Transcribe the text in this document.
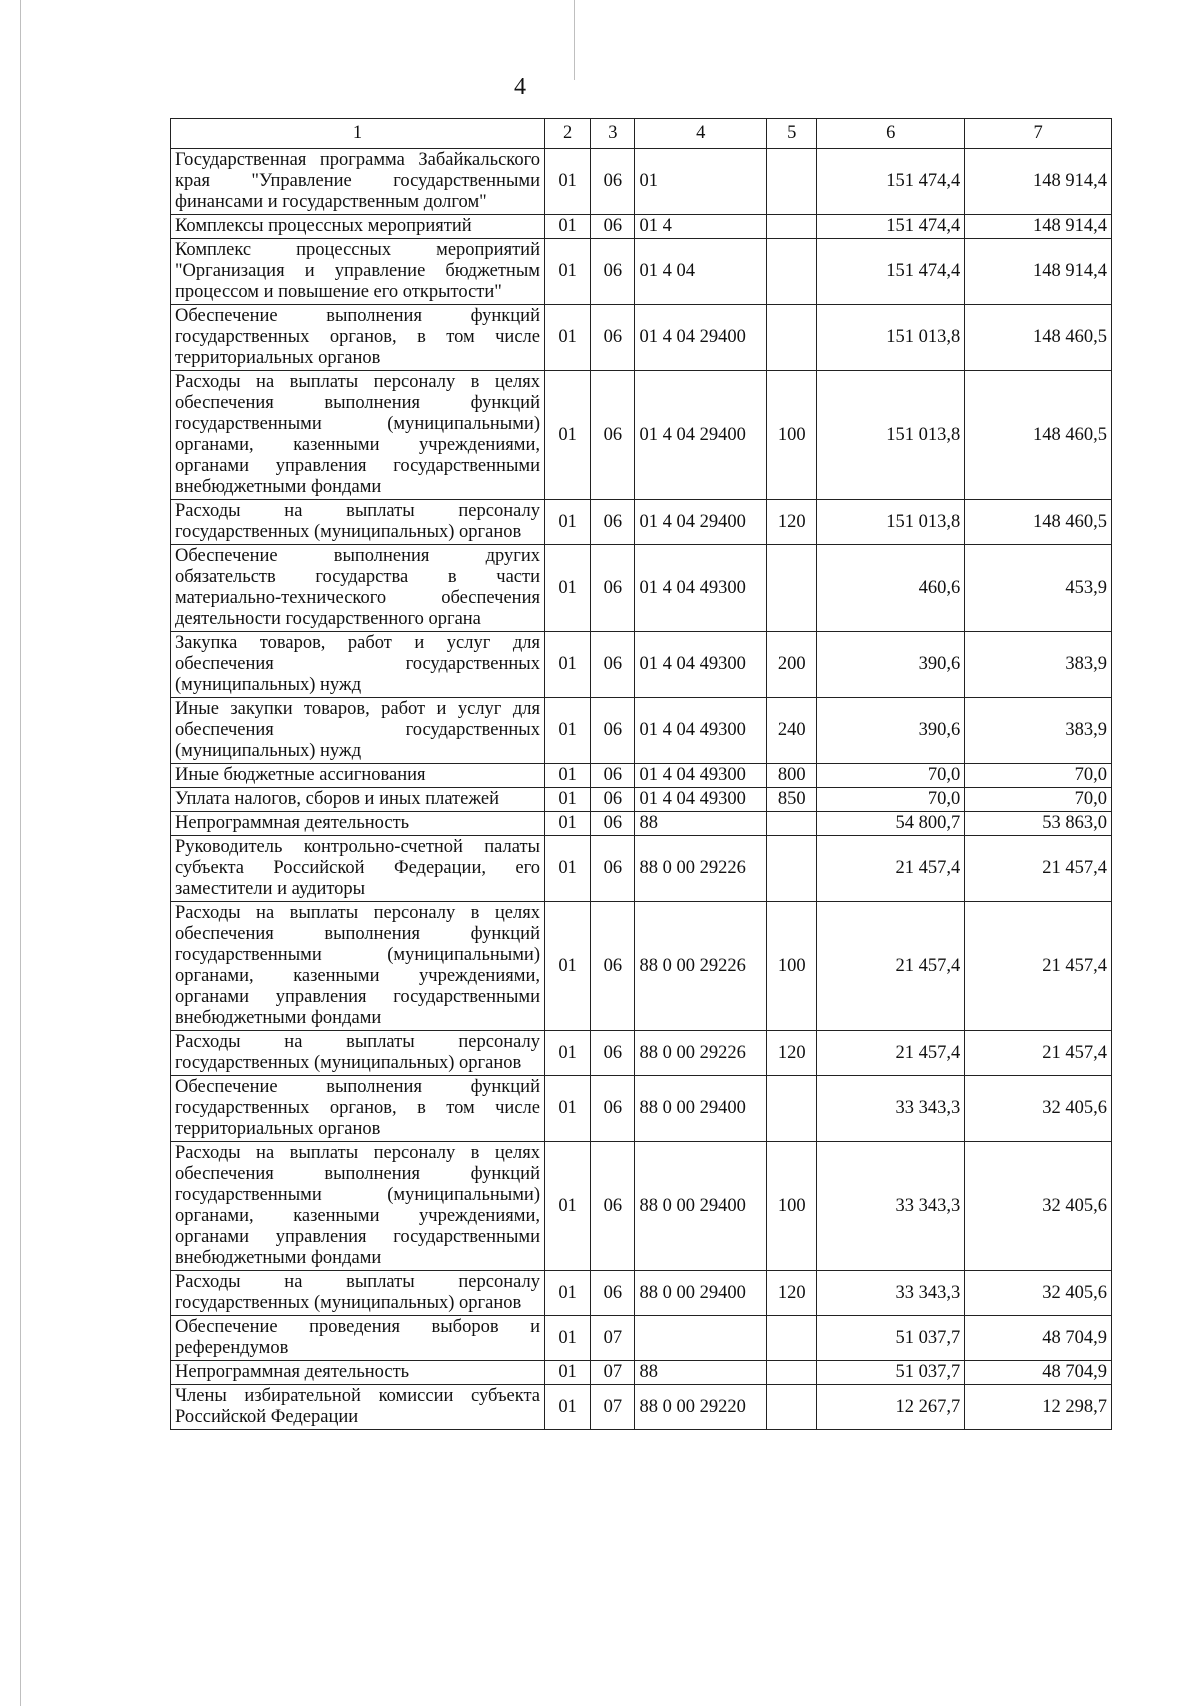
4
1	2	3	4	5	6	7
Государственная программа Забайкальского края "Управление государственными финансами и государственным долгом"	01	06	01		151 474,4	148 914,4
Комплексы процессных мероприятий	01	06	01 4		151 474,4	148 914,4
Комплекс процессных мероприятий "Организация и управление бюджетным процессом и повышение его открытости"	01	06	01 4 04		151 474,4	148 914,4
Обеспечение выполнения функций государственных органов, в том числе территориальных органов	01	06	01 4 04 29400		151 013,8	148 460,5
Расходы на выплаты персоналу в целях обеспечения выполнения функций государственными (муниципальными) органами, казенными учреждениями, органами управления государственными внебюджетными фондами	01	06	01 4 04 29400	100	151 013,8	148 460,5
Расходы на выплаты персоналу государственных (муниципальных) органов	01	06	01 4 04 29400	120	151 013,8	148 460,5
Обеспечение выполнения других обязательств государства в части материально-технического обеспечения деятельности государственного органа	01	06	01 4 04 49300		460,6	453,9
Закупка товаров, работ и услуг для обеспечения государственных (муниципальных) нужд	01	06	01 4 04 49300	200	390,6	383,9
Иные закупки товаров, работ и услуг для обеспечения государственных (муниципальных) нужд	01	06	01 4 04 49300	240	390,6	383,9
Иные бюджетные ассигнования	01	06	01 4 04 49300	800	70,0	70,0
Уплата налогов, сборов и иных платежей	01	06	01 4 04 49300	850	70,0	70,0
Непрограммная деятельность	01	06	88		54 800,7	53 863,0
Руководитель контрольно-счетной палаты субъекта Российской Федерации, его заместители и аудиторы	01	06	88 0 00 29226		21 457,4	21 457,4
Расходы на выплаты персоналу в целях обеспечения выполнения функций государственными (муниципальными) органами, казенными учреждениями, органами управления государственными внебюджетными фондами	01	06	88 0 00 29226	100	21 457,4	21 457,4
Расходы на выплаты персоналу государственных (муниципальных) органов	01	06	88 0 00 29226	120	21 457,4	21 457,4
Обеспечение выполнения функций государственных органов, в том числе территориальных органов	01	06	88 0 00 29400		33 343,3	32 405,6
Расходы на выплаты персоналу в целях обеспечения выполнения функций государственными (муниципальными) органами, казенными учреждениями, органами управления государственными внебюджетными фондами	01	06	88 0 00 29400	100	33 343,3	32 405,6
Расходы на выплаты персоналу государственных (муниципальных) органов	01	06	88 0 00 29400	120	33 343,3	32 405,6
Обеспечение проведения выборов и референдумов	01	07			51 037,7	48 704,9
Непрограммная деятельность	01	07	88		51 037,7	48 704,9
Члены избирательной комиссии субъекта Российской Федерации	01	07	88 0 00 29220		12 267,7	12 298,7
